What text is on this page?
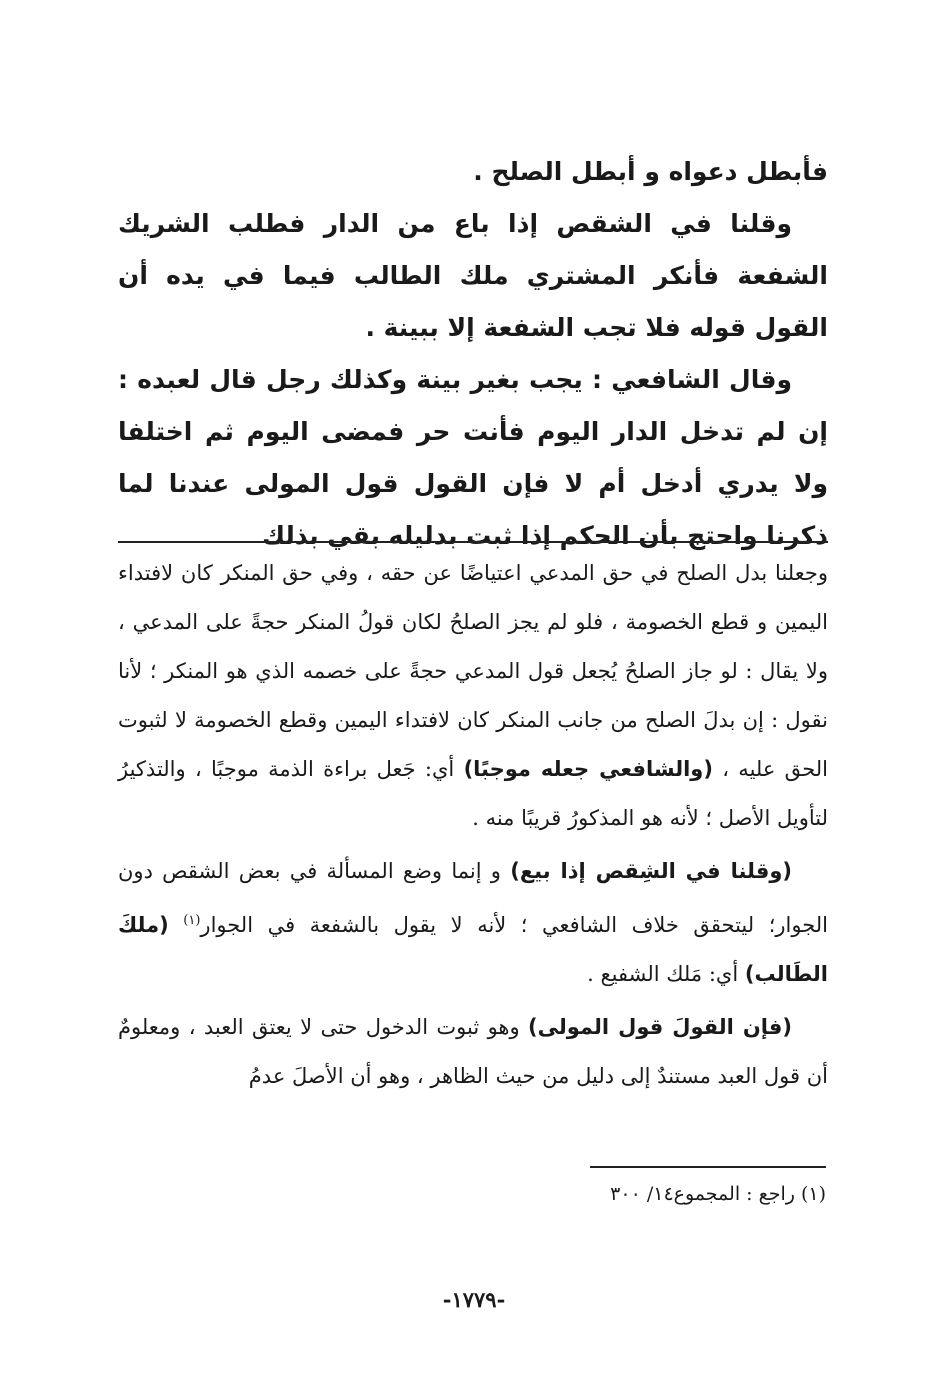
فأبطل دعواه و أبطل الصلح .

وقلنا في الشقص إذا باع من الدار فطلب الشريك الشفعة فأنكر المشتري ملك الطالب فيما في يده أن القول قوله فلا تجب الشفعة إلا ببينة .

وقال الشافعي : يجب بغير بينة وكذلك رجل قال لعبده : إن لم تدخل الدار اليوم فأنت حر فمضى اليوم ثم اختلفا ولا يدري أدخل أم لا فإن القول قول المولى عندنا لما ذكرنا واحتج بأن الحكم إذا ثبت بدليله بقي بذلك

وجعلنا بدل الصلح في حق المدعي اعتياضًا عن حقه ، وفي حق المنكر كان لافتداء اليمين و قطع الخصومة ، فلو لم يجز الصلحُ لكان قولُ المنكر حجةً على المدعي ، ولا يقال : لو جاز الصلحُ يُجعل قول المدعي حجةً على خصمه الذي هو المنكر ؛ لأنا نقول : إن بدلَ الصلح من جانب المنكر كان لافتداء اليمين وقطع الخصومة لا لثبوت الحق عليه ، (والشافعي جعله موجبًا) أي: جَعل براءة الذمة موجبًا ، والتذكيرُ لتأويل الأصل ؛ لأنه هو المذكورُ قريبًا منه .

(وقلنا في الشِقص إذا بيع) و إنما وضع المسألة في بعض الشقص دون الجوار؛ ليتحقق خلاف الشافعي ؛ لأنه لا يقول بالشفعة في الجوار$^{(١)}$ (ملكَ الطَالب) أي: مَلك الشفيع .

(فإن القولَ قول المولى) وهو ثبوت الدخول حتى لا يعتق العبد ، ومعلومٌ أن قول العبد مستندٌ إلى دليل من حيث الظاهر ، وهو أن الأصلَ عدمُ

(١) راجع : المجموع١٤/ ٣٠٠
-١٧٧٩-
